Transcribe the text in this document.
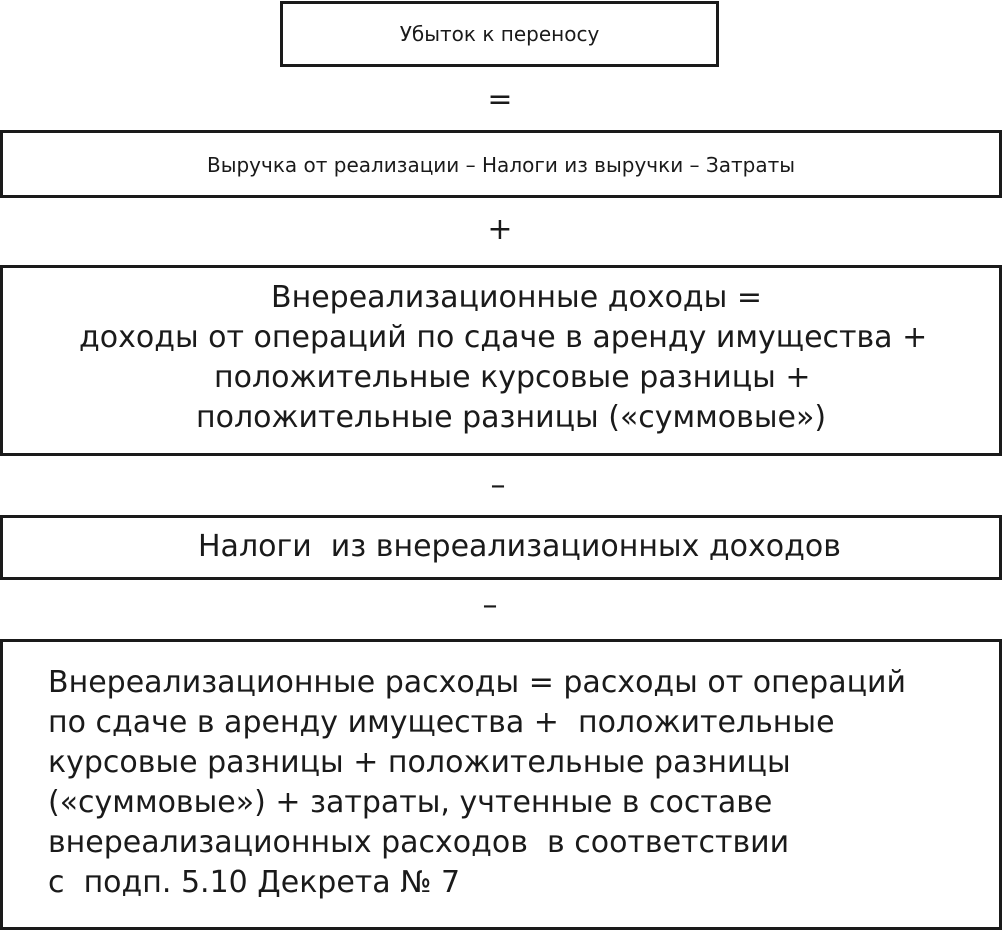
Убыток к переносу
=
Выручка от реализации – Налоги из выручки – Затраты
+
Внереализационные доходы =
доходы от операций по сдаче в аренду имущества +
положительные курсовые разницы +
положительные разницы («суммовые»)
–
Налоги  из внереализационных доходов
–
Внереализационные расходы = расходы от операций
по сдаче в аренду имущества +  положительные
курсовые разницы + положительные разницы
(«суммовые») + затраты, учтенные в составе
внереализационных расходов  в соответствии
с  подп. 5.10 Декрета № 7
